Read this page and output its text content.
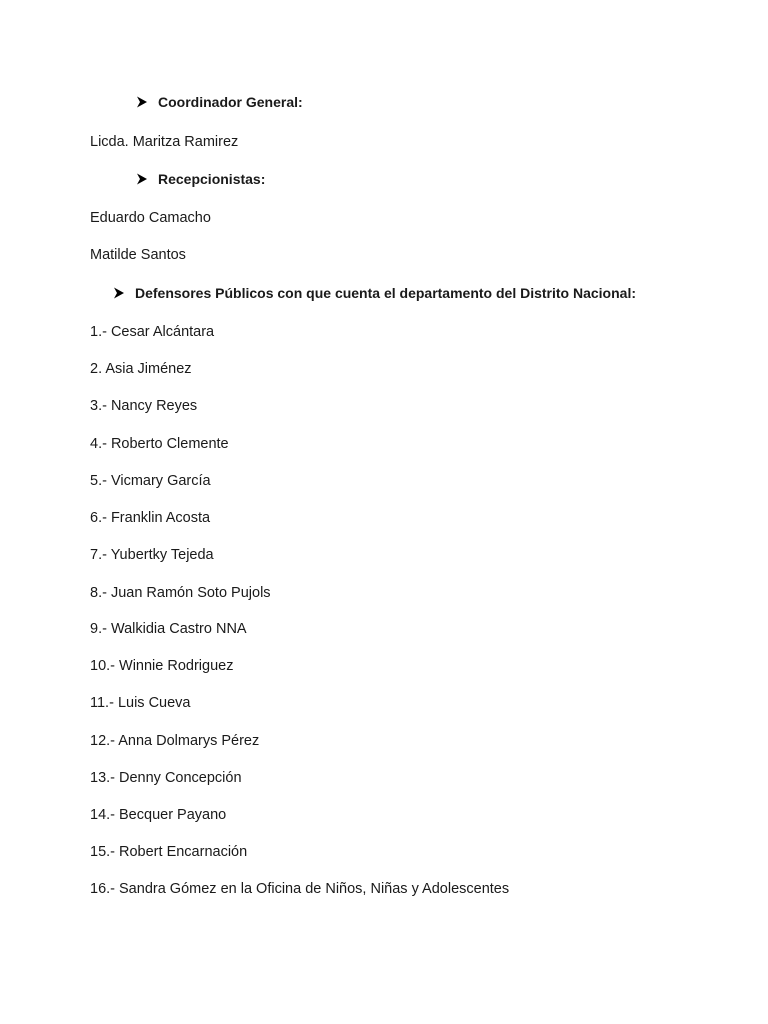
Coordinador General:
Licda. Maritza Ramirez
Recepcionistas:
Eduardo Camacho
Matilde Santos
Defensores Públicos con que cuenta el departamento del Distrito Nacional:
1.- Cesar Alcántara
2. Asia Jiménez
3.- Nancy Reyes
4.- Roberto Clemente
5.- Vicmary García
6.- Franklin Acosta
7.- Yubertky Tejeda
8.- Juan Ramón Soto Pujols
9.- Walkidia Castro NNA
10.- Winnie Rodriguez
11.- Luis Cueva
12.- Anna Dolmarys Pérez
13.- Denny Concepción
14.- Becquer Payano
15.- Robert Encarnación
16.- Sandra Gómez en la Oficina de Niños, Niñas y Adolescentes
